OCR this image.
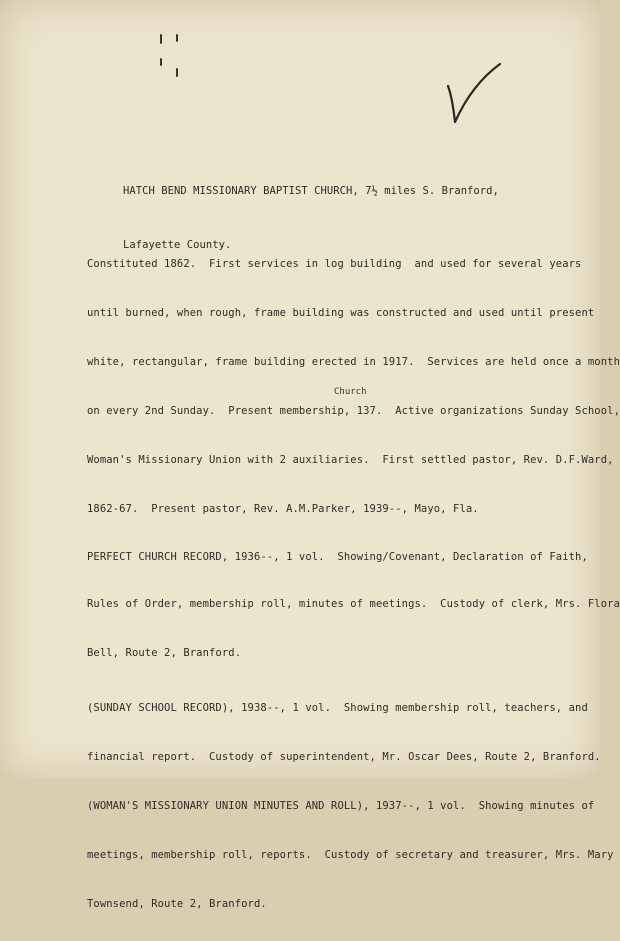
HATCH BEND MISSIONARY BAPTIST CHURCH, 7½ miles S. Branford,

Lafayette County.

Church

Constituted 1862.  First services in log building  and used for several years

until burned, when rough, frame building was constructed and used until present

white, rectangular, frame building erected in 1917.  Services are held once a month

on every 2nd Sunday.  Present membership, 137.  Active organizations Sunday School,

Woman's Missionary Union with 2 auxiliaries.  First settled pastor, Rev. D.F.Ward,

1862-67.  Present pastor, Rev. A.M.Parker, 1939--, Mayo, Fla.

PERFECT CHURCH RECORD, 1936--, 1 vol.  Showing/Covenant, Declaration of Faith,

Rules of Order, membership roll, minutes of meetings.  Custody of clerk, Mrs. Flora

Bell, Route 2, Branford.

(SUNDAY SCHOOL RECORD), 1938--, 1 vol.  Showing membership roll, teachers, and

financial report.  Custody of superintendent, Mr. Oscar Dees, Route 2, Branford.

(WOMAN'S MISSIONARY UNION MINUTES AND ROLL), 1937--, 1 vol.  Showing minutes of

meetings, membership roll, reports.  Custody of secretary and treasurer, Mrs. Mary

Townsend, Route 2, Branford.
